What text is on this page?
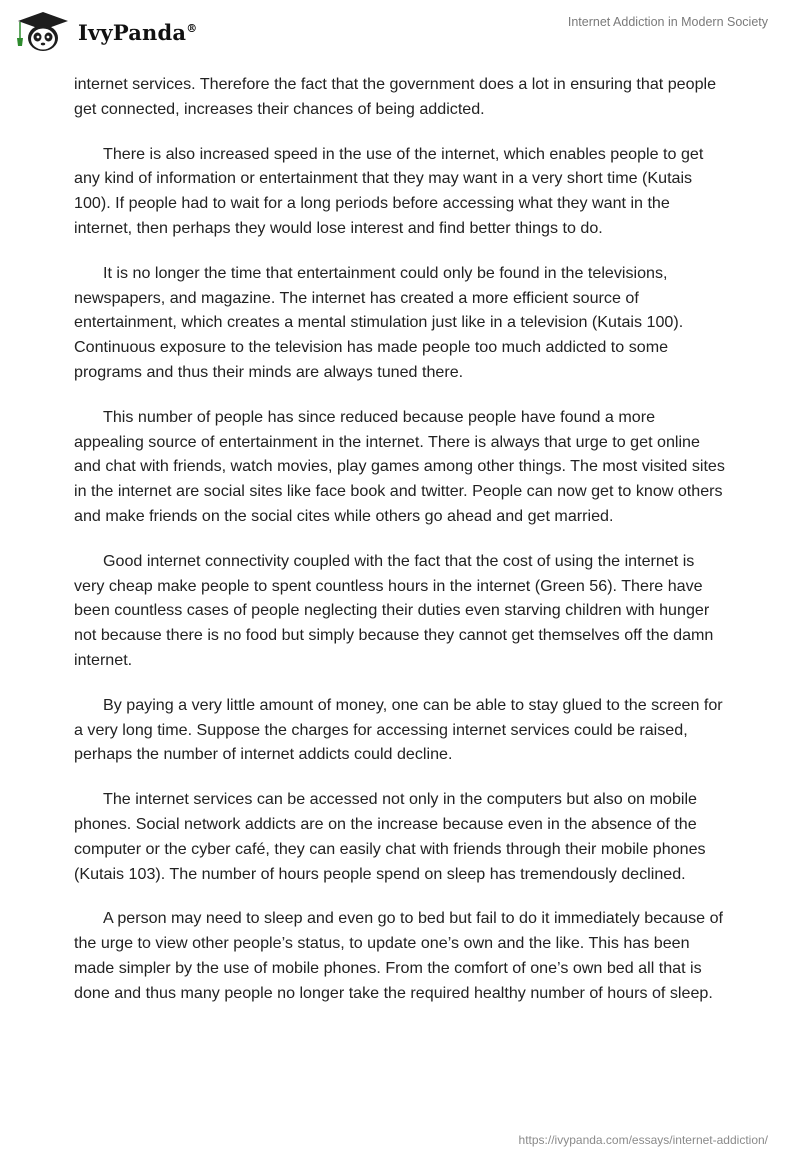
IvyPanda®	Internet Addiction in Modern Society

internet services. Therefore the fact that the government does a lot in ensuring that people get connected, increases their chances of being addicted.

There is also increased speed in the use of the internet, which enables people to get any kind of information or entertainment that they may want in a very short time (Kutais 100). If people had to wait for a long periods before accessing what they want in the internet, then perhaps they would lose interest and find better things to do.

It is no longer the time that entertainment could only be found in the televisions, newspapers, and magazine. The internet has created a more efficient source of entertainment, which creates a mental stimulation just like in a television (Kutais 100). Continuous exposure to the television has made people too much addicted to some programs and thus their minds are always tuned there.

This number of people has since reduced because people have found a more appealing source of entertainment in the internet. There is always that urge to get online and chat with friends, watch movies, play games among other things. The most visited sites in the internet are social sites like face book and twitter. People can now get to know others and make friends on the social cites while others go ahead and get married.

Good internet connectivity coupled with the fact that the cost of using the internet is very cheap make people to spent countless hours in the internet (Green 56). There have been countless cases of people neglecting their duties even starving children with hunger not because there is no food but simply because they cannot get themselves off the damn internet.

By paying a very little amount of money, one can be able to stay glued to the screen for a very long time. Suppose the charges for accessing internet services could be raised, perhaps the number of internet addicts could decline.

The internet services can be accessed not only in the computers but also on mobile phones. Social network addicts are on the increase because even in the absence of the computer or the cyber café, they can easily chat with friends through their mobile phones (Kutais 103). The number of hours people spend on sleep has tremendously declined.

A person may need to sleep and even go to bed but fail to do it immediately because of the urge to view other people’s status, to update one’s own and the like. This has been made simpler by the use of mobile phones. From the comfort of one’s own bed all that is done and thus many people no longer take the required healthy number of hours of sleep.

https://ivypanda.com/essays/internet-addiction/
